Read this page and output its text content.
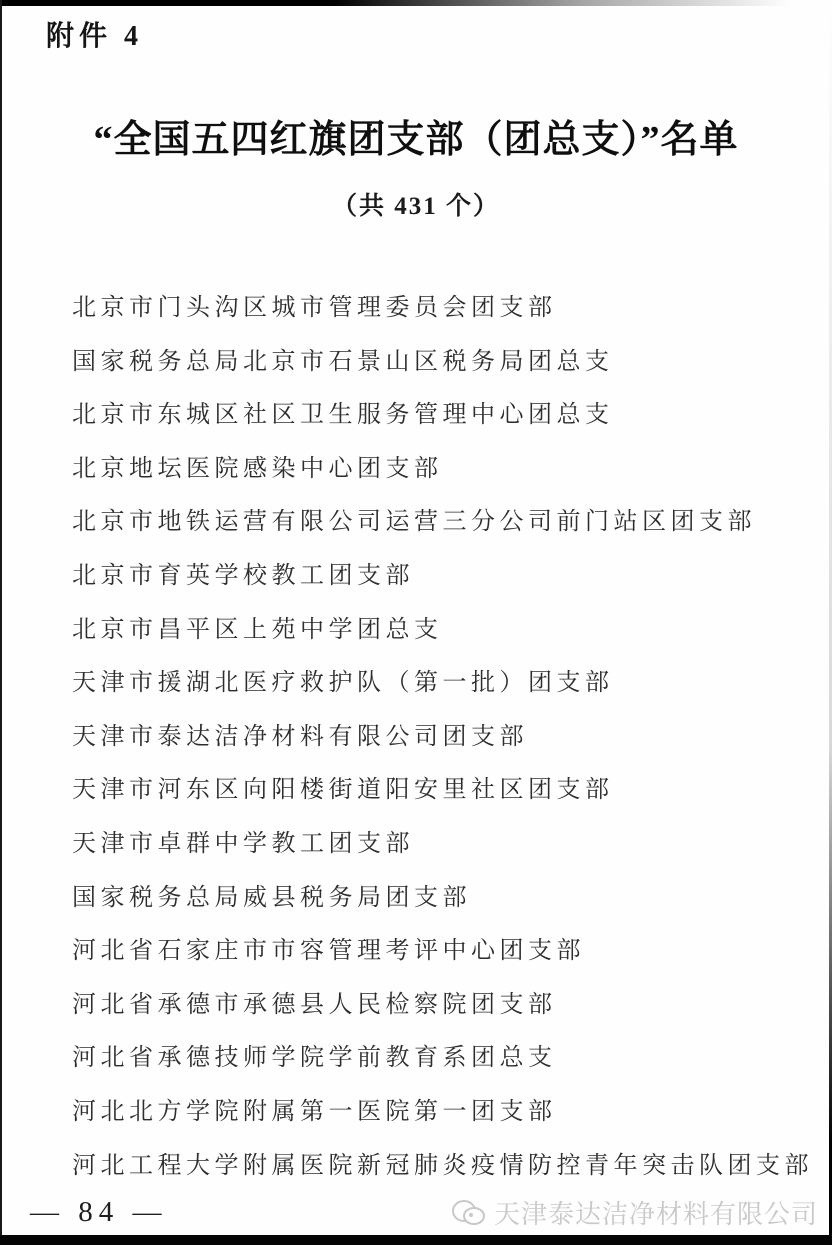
附件 4
“全国五四红旗团支部（团总支）”名单
（共 431 个）
北京市门头沟区城市管理委员会团支部
国家税务总局北京市石景山区税务局团总支
北京市东城区社区卫生服务管理中心团总支
北京地坛医院感染中心团支部
北京市地铁运营有限公司运营三分公司前门站区团支部
北京市育英学校教工团支部
北京市昌平区上苑中学团总支
天津市援湖北医疗救护队（第一批）团支部
天津市泰达洁净材料有限公司团支部
天津市河东区向阳楼街道阳安里社区团支部
天津市卓群中学教工团支部
国家税务总局威县税务局团支部
河北省石家庄市市容管理考评中心团支部
河北省承德市承德县人民检察院团支部
河北省承德技师学院学前教育系团总支
河北北方学院附属第一医院第一团支部
河北工程大学附属医院新冠肺炎疫情防控青年突击队团支部
— 84 —	天津泰达洁净材料有限公司
